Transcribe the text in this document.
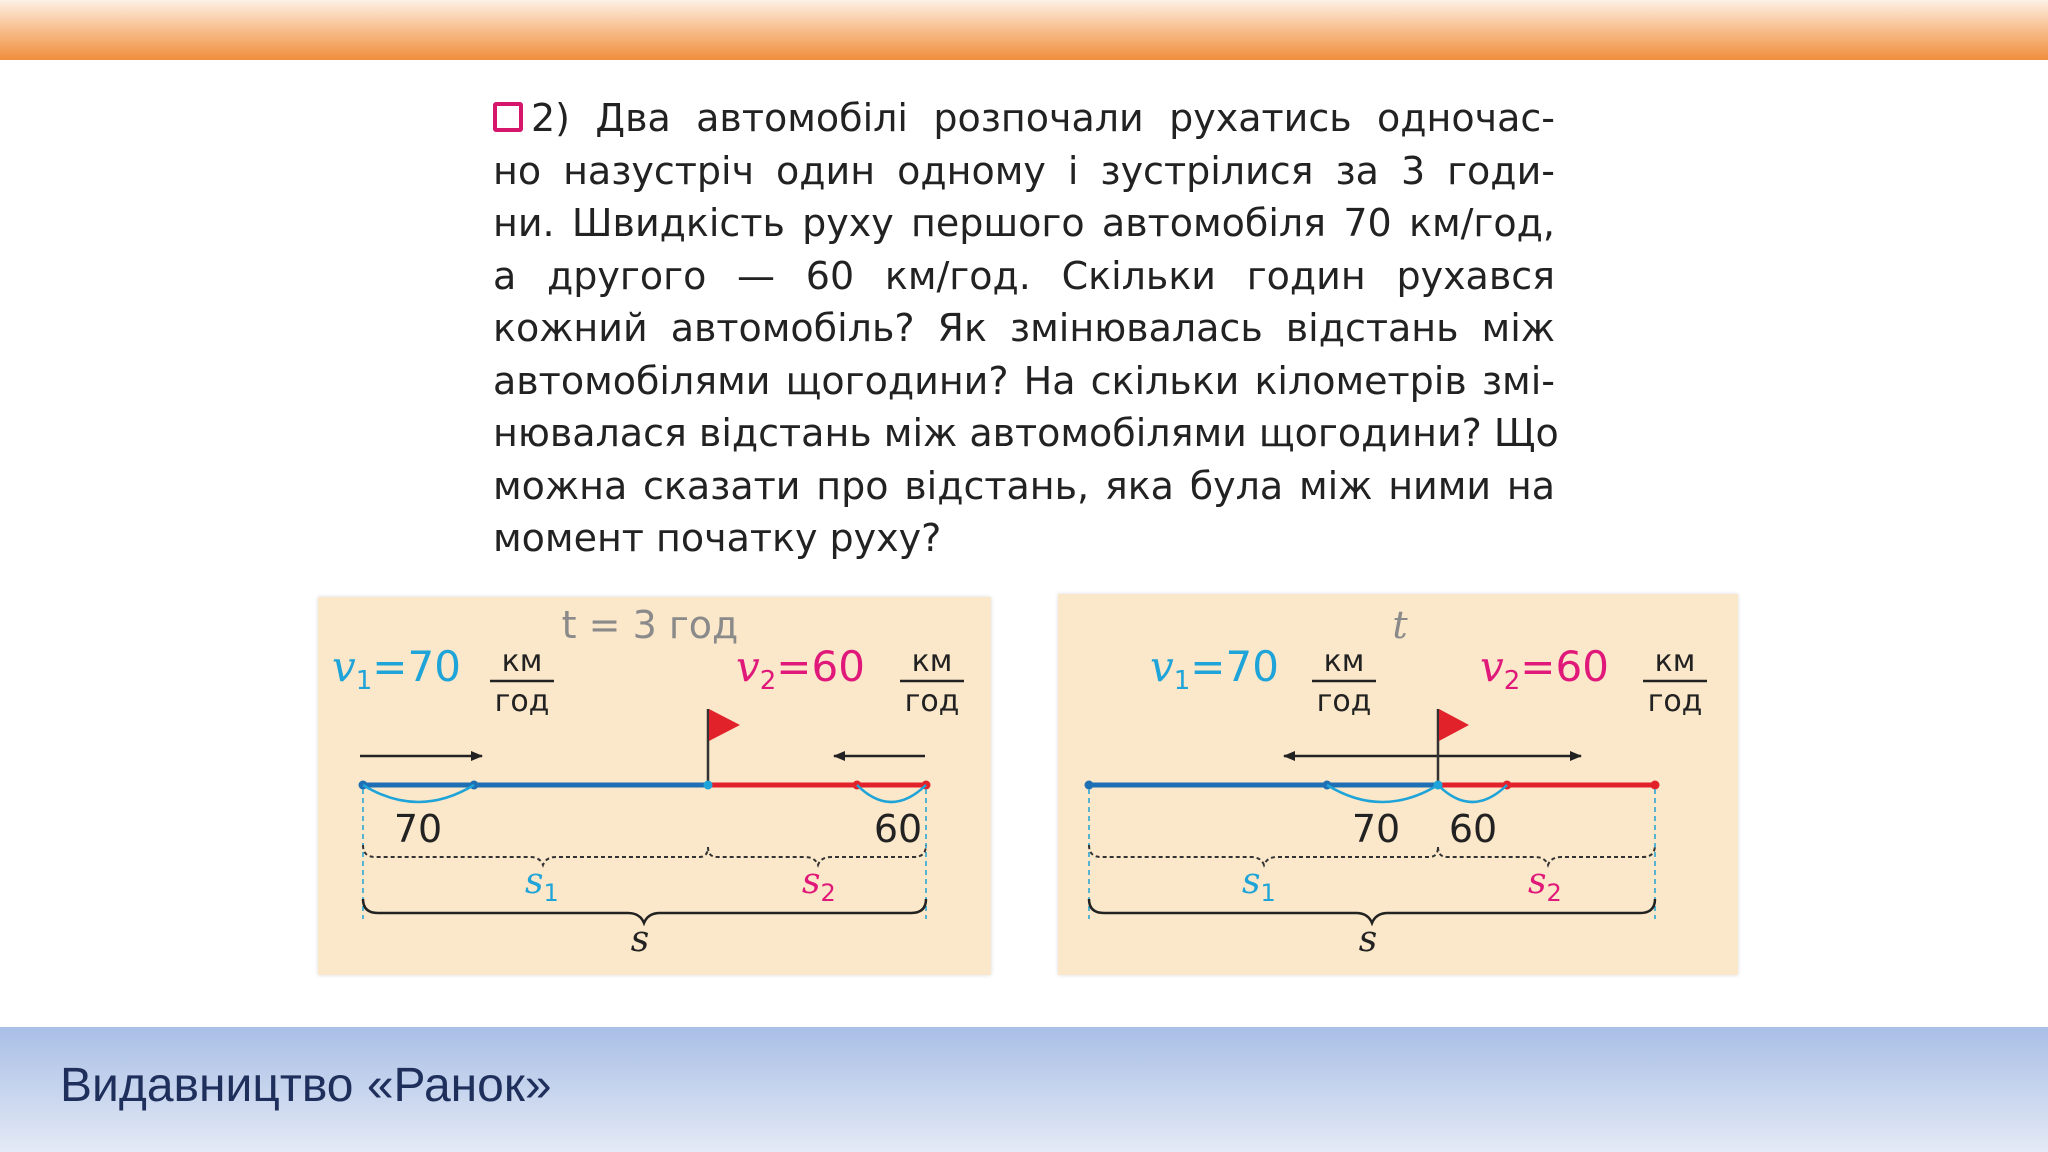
2) Два автомобілі розпочали рухатись одночас-
но назустріч один одному і зустрілися за 3 годи-
ни. Швидкість руху першого автомобіля 70 км/год,
а другого — 60 км/год. Скільки годин рухався
кожний автомобіль? Як змінювалась відстань між
автомобілями щогодини? На скільки кілометрів змі-
нювалася відстань між автомобілями щогодини? Що
можна сказати про відстань, яка була між ними на
момент початку руху?
t = 3 год
v1=70 км
год
v2=60 км
год
70	60
$s_1$	$s_2$
s
t
v1=70 км
год
v2=60 км
год
70 60
$s_1$	$s_2$
s
Видавництво «Ранок»
